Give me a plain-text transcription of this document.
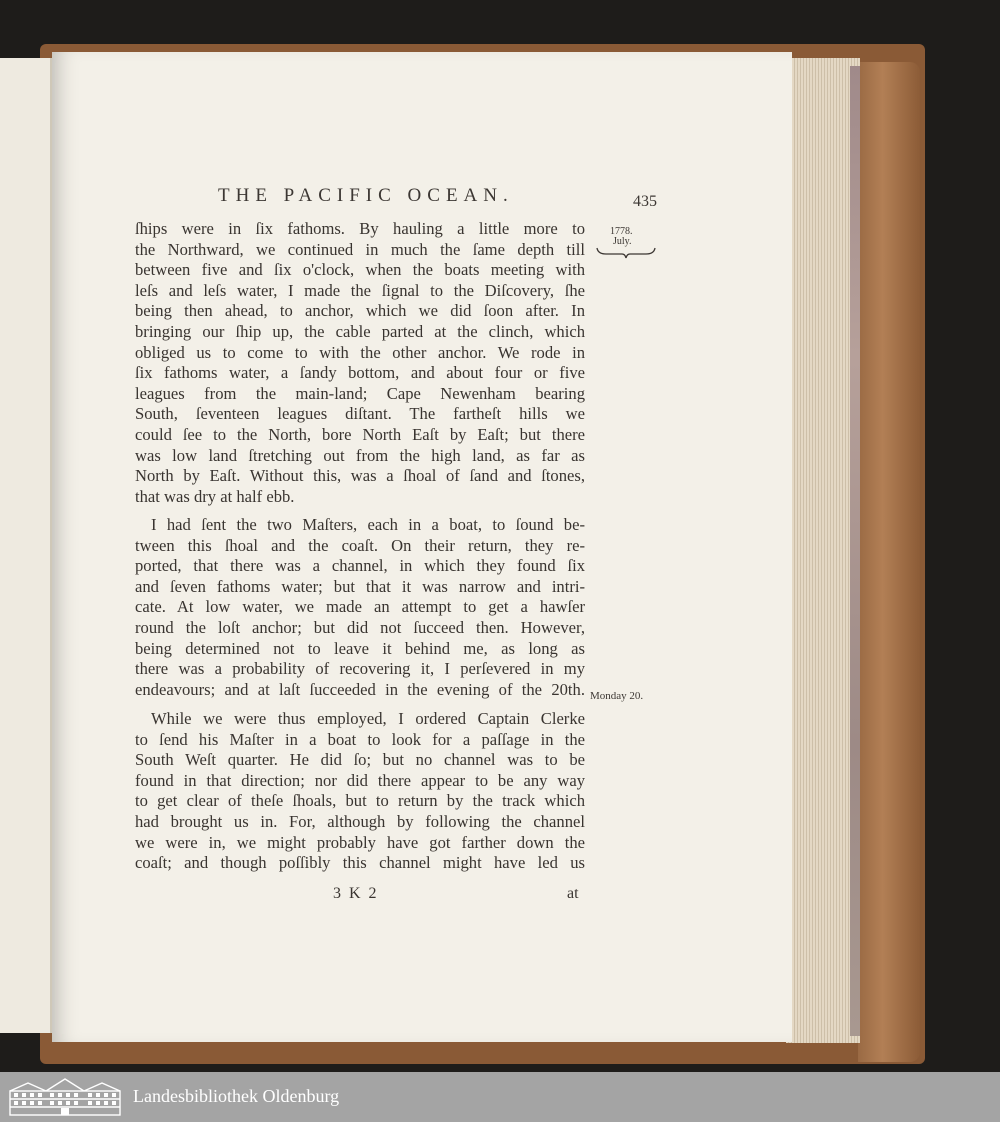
THE PACIFIC OCEAN.	435
1778.
July.
Monday 20.
ſhips were in ſix fathoms. By hauling a little more to
the Northward, we continued in much the ſame depth till
between five and ſix o'clock, when the boats meeting with
leſs and leſs water, I made the ſignal to the Diſcovery, ſhe
being then ahead, to anchor, which we did ſoon after. In
bringing our ſhip up, the cable parted at the clinch, which
obliged us to come to with the other anchor. We rode in
ſix fathoms water, a ſandy bottom, and about four or five
leagues from the main-land; Cape Newenham bearing
South, ſeventeen leagues diſtant. The fartheſt hills we
could ſee to the North, bore North Eaſt by Eaſt; but there
was low land ſtretching out from the high land, as far as
North by Eaſt. Without this, was a ſhoal of ſand and ſtones,
that was dry at half ebb.
I had ſent the two Maſters, each in a boat, to ſound be-
tween this ſhoal and the coaſt. On their return, they re-
ported, that there was a channel, in which they found ſix
and ſeven fathoms water; but that it was narrow and intri-
cate. At low water, we made an attempt to get a hawſer
round the loſt anchor; but did not ſucceed then. However,
being determined not to leave it behind me, as long as
there was a probability of recovering it, I perſevered in my
endeavours; and at laſt ſucceeded in the evening of the 20th.
While we were thus employed, I ordered Captain Clerke
to ſend his Maſter in a boat to look for a paſſage in the
South Weſt quarter. He did ſo; but no channel was to be
found in that direction; nor did there appear to be any way
to get clear of theſe ſhoals, but to return by the track which
had brought us in. For, although by following the channel
we were in, we might probably have got farther down the
coaſt; and though poſſibly this channel might have led us
3 K 2	at
Landesbibliothek Oldenburg
